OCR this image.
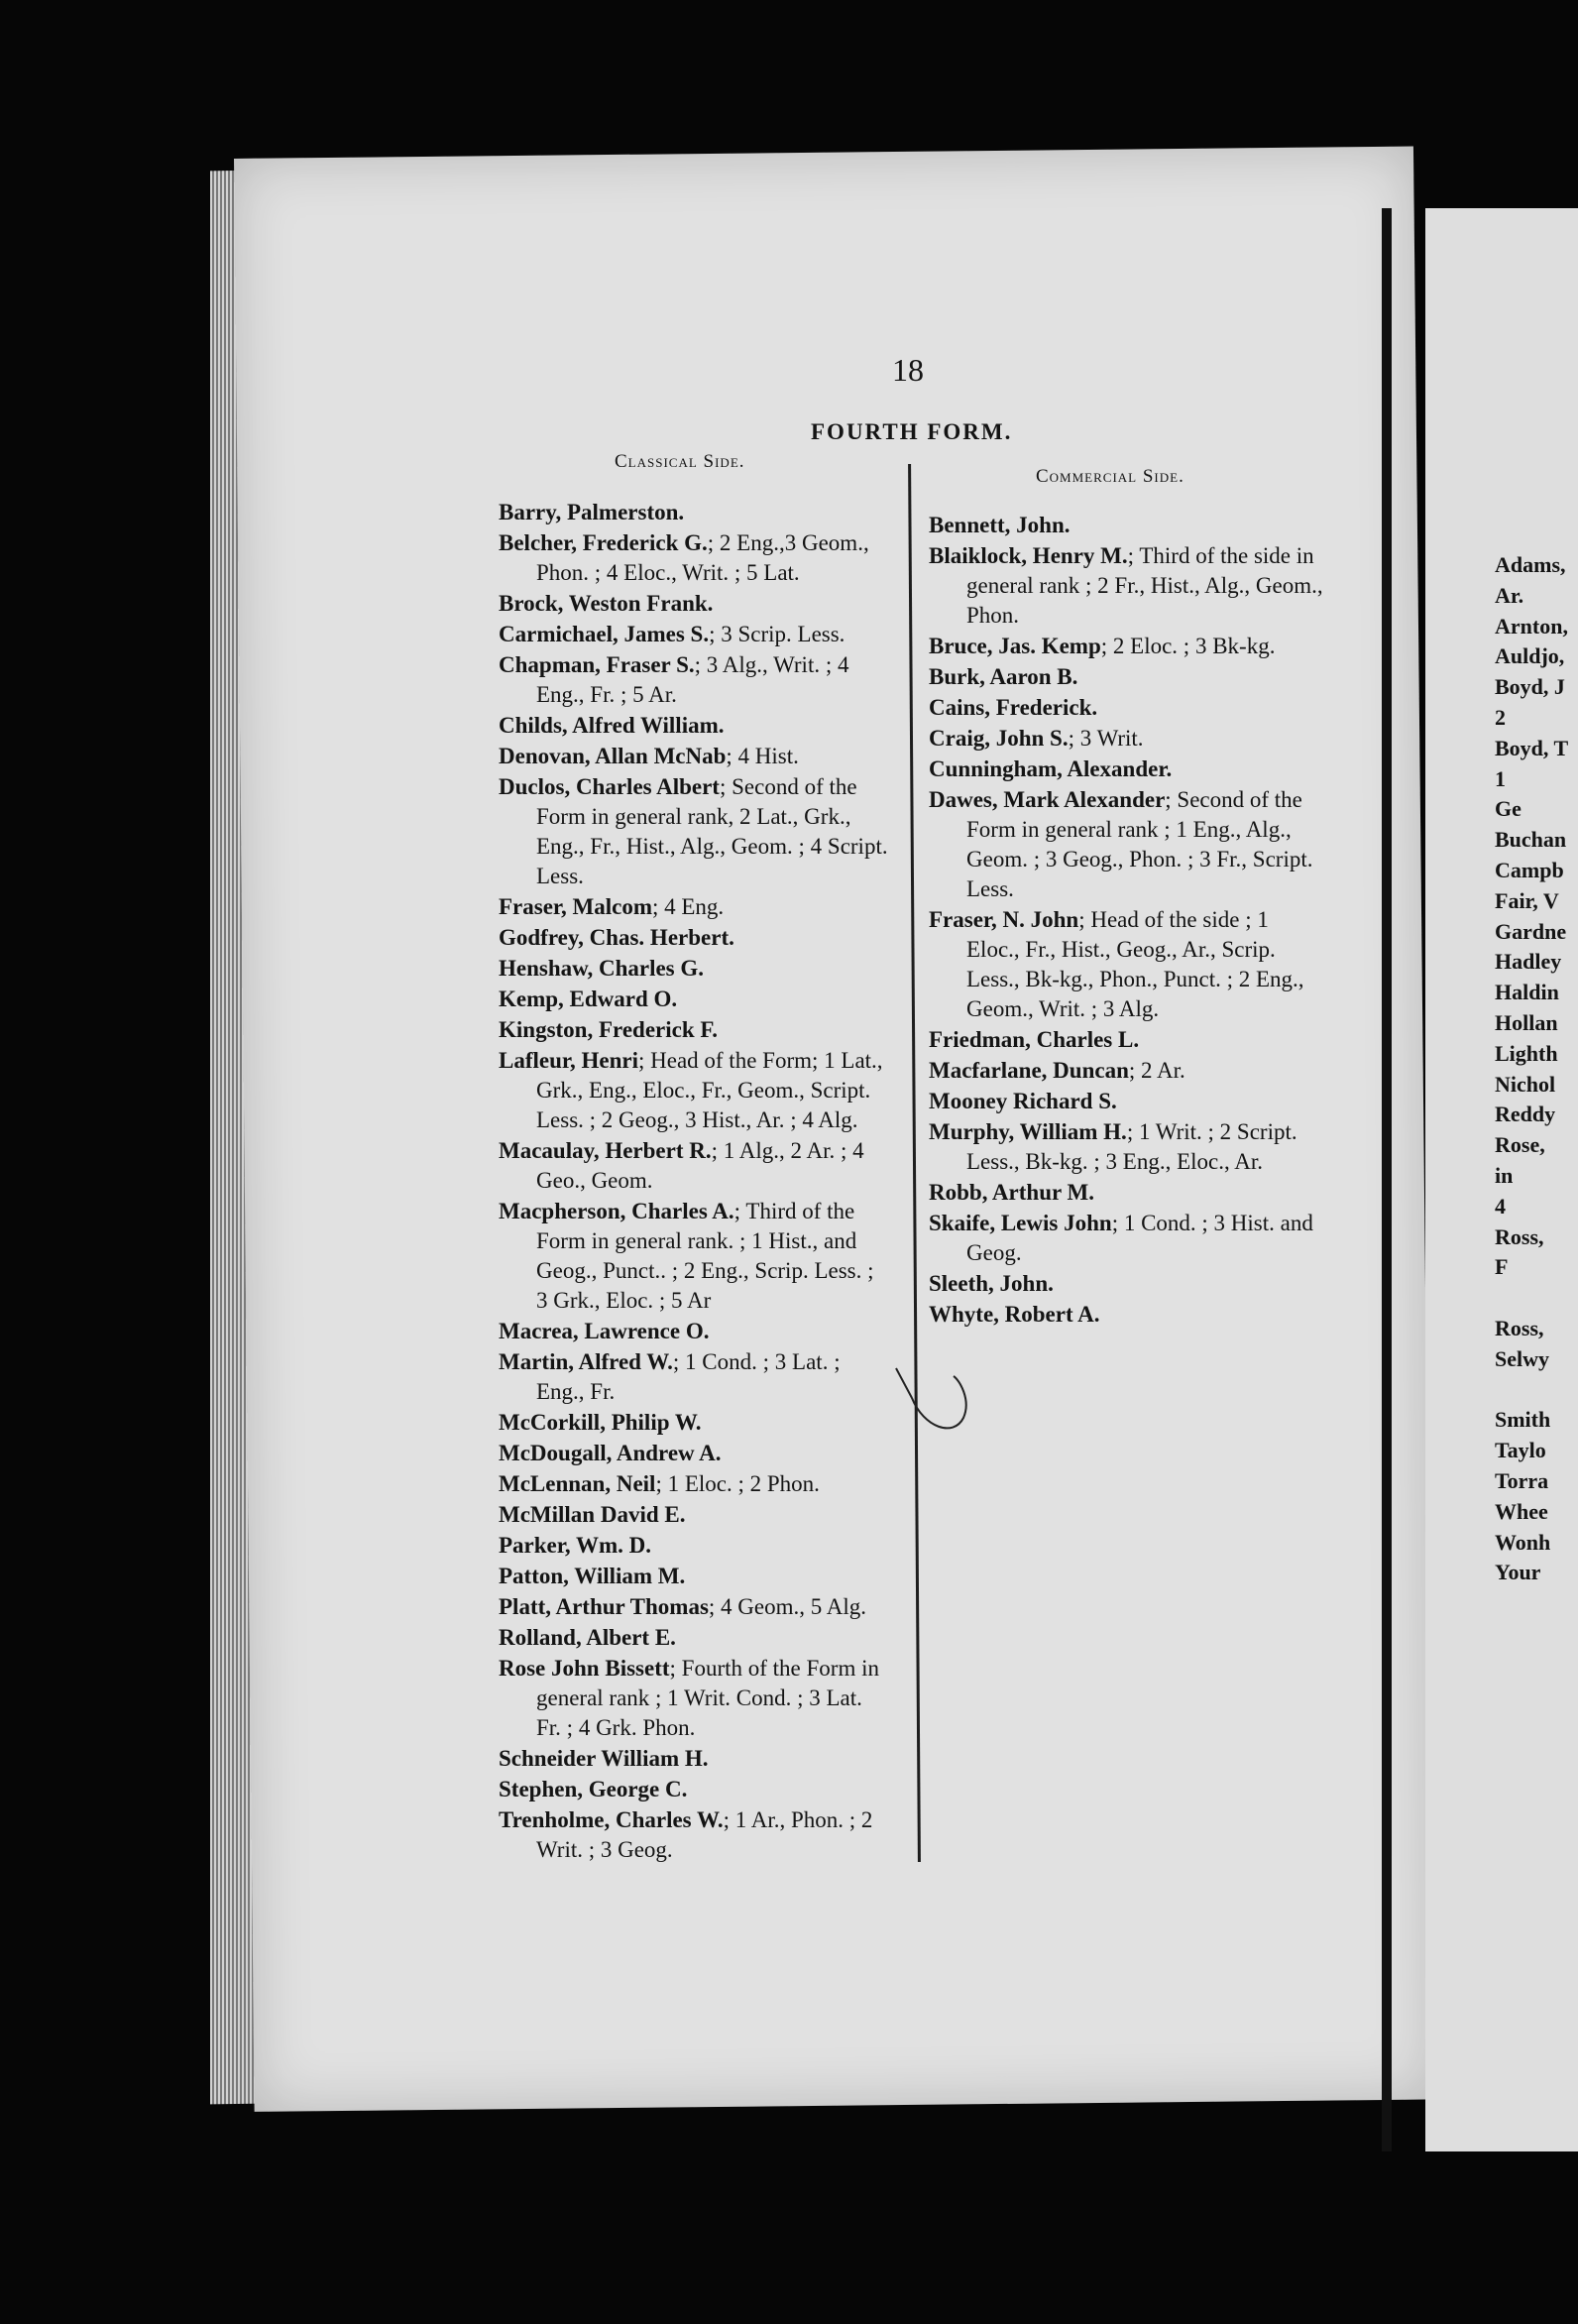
18
FOURTH FORM.
Classical Side.
Commercial Side.
Barry, Palmerston.
Belcher, Frederick G.; 2 Eng.,3 Geom., Phon. ; 4 Eloc., Writ. ; 5 Lat.
Brock, Weston Frank.
Carmichael, James S.; 3 Scrip. Less.
Chapman, Fraser S.; 3 Alg., Writ. ; 4 Eng., Fr. ; 5 Ar.
Childs, Alfred William.
Denovan, Allan McNab; 4 Hist.
Duclos, Charles Albert; Second of the Form in general rank, 2 Lat., Grk., Eng., Fr., Hist., Alg., Geom. ; 4 Script. Less.
Fraser, Malcom; 4 Eng.
Godfrey, Chas. Herbert.
Henshaw, Charles G.
Kemp, Edward O.
Kingston, Frederick F.
Lafleur, Henri; Head of the Form; 1 Lat., Grk., Eng., Eloc., Fr., Geom., Script. Less. ; 2 Geog., 3 Hist., Ar. ; 4 Alg.
Macaulay, Herbert R.; 1 Alg., 2 Ar. ; 4 Geo., Geom.
Macpherson, Charles A.; Third of the Form in general rank. ; 1 Hist., and Geog., Punct.. ; 2 Eng., Scrip. Less. ; 3 Grk., Eloc. ; 5 Ar
Macrea, Lawrence O.
Martin, Alfred W.; 1 Cond. ; 3 Lat. ; Eng., Fr.
McCorkill, Philip W.
McDougall, Andrew A.
McLennan, Neil; 1 Eloc. ; 2 Phon.
McMillan David E.
Parker, Wm. D.
Patton, William M.
Platt, Arthur Thomas; 4 Geom., 5 Alg.
Rolland, Albert E.
Rose John Bissett; Fourth of the Form in general rank ; 1 Writ. Cond. ; 3 Lat. Fr. ; 4 Grk. Phon.
Schneider William H.
Stephen, George C.
Trenholme, Charles W.; 1 Ar., Phon. ; 2 Writ. ; 3 Geog.
Bennett, John.
Blaiklock, Henry M.; Third of the side in general rank ; 2 Fr., Hist., Alg., Geom., Phon.
Bruce, Jas. Kemp; 2 Eloc. ; 3 Bk-kg.
Burk, Aaron B.
Cains, Frederick.
Craig, John S.; 3 Writ.
Cunningham, Alexander.
Dawes, Mark Alexander; Second of the Form in general rank ; 1 Eng., Alg., Geom. ; 3 Geog., Phon. ; 3 Fr., Script. Less.
Fraser, N. John; Head of the side ; 1 Eloc., Fr., Hist., Geog., Ar., Scrip. Less., Bk-kg., Phon., Punct. ; 2 Eng., Geom., Writ. ; 3 Alg.
Friedman, Charles L.
Macfarlane, Duncan; 2 Ar.
Mooney Richard S.
Murphy, William H.; 1 Writ. ; 2 Script. Less., Bk-kg. ; 3 Eng., Eloc., Ar.
Robb, Arthur M.
Skaife, Lewis John; 1 Cond. ; 3 Hist. and Geog.
Sleeth, John.
Whyte, Robert A.
Adams,
Ar.
Arnton,
Auldjo,
Boyd, J
2
Boyd, T
1
Ge
Buchan
Campb
Fair, V
Gardne
Hadley
Haldin
Hollan
Lighth
Nichol
Reddy
Rose,
in
4
Ross,
F
Ross,
Selwy
Smith
Taylo
Torra
Whee
Wonh
Your
